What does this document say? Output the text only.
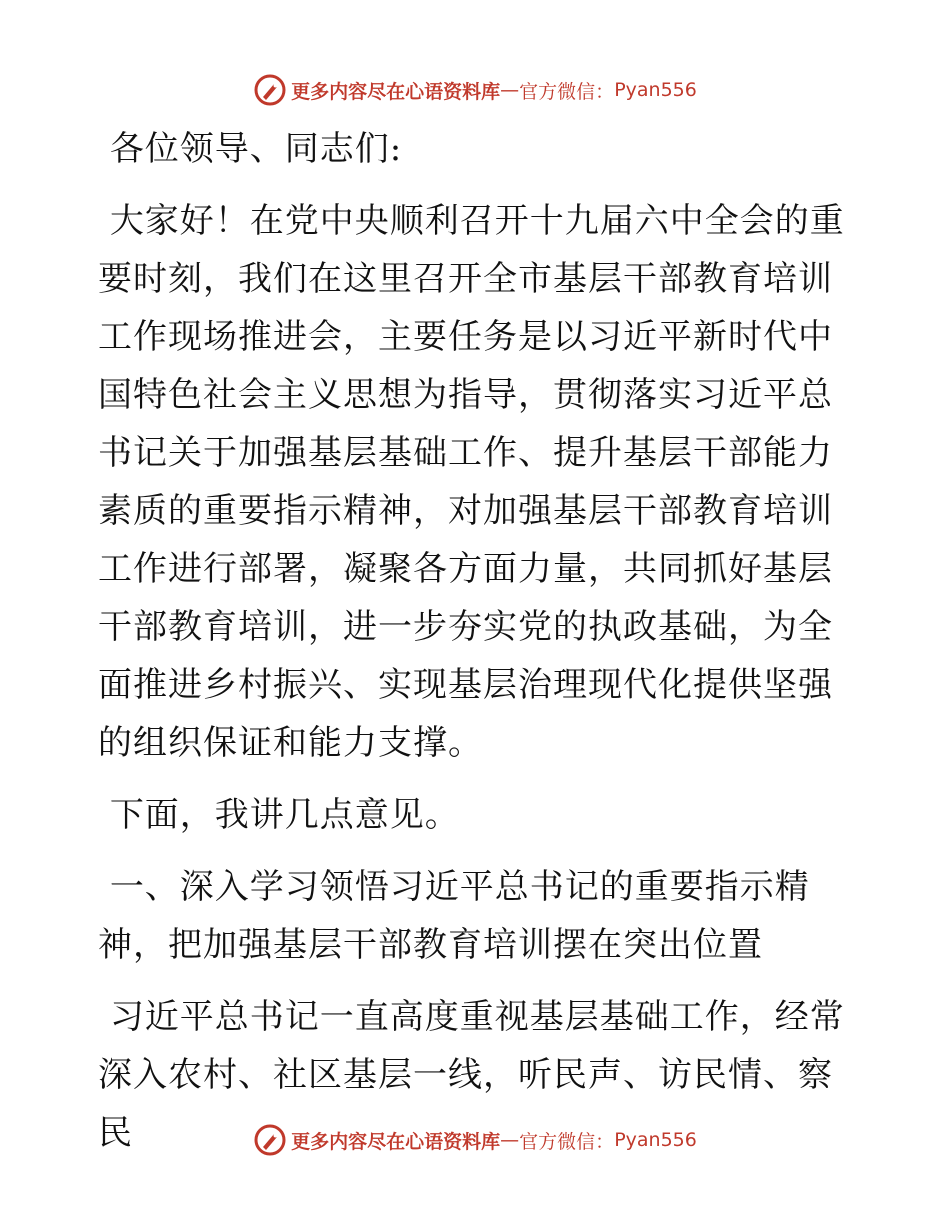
更多内容尽在心语资料库 — 官方微信： Pyan556

各位领导、同志们:

大家好！在党中央顺利召开十九届六中全会的重要时刻，我们在这里召开全市基层干部教育培训工作现场推进会，主要任务是以习近平新时代中国特色社会主义思想为指导，贯彻落实习近平总书记关于加强基层基础工作、提升基层干部能力素质的重要指示精神，对加强基层干部教育培训工作进行部署，凝聚各方面力量，共同抓好基层干部教育培训，进一步夯实党的执政基础，为全面推进乡村振兴、实现基层治理现代化提供坚强的组织保证和能力支撑。

下面，我讲几点意见。

一、深入学习领悟习近平总书记的重要指示精神，把加强基层干部教育培训摆在突出位置

习近平总书记一直高度重视基层基础工作，经常深入农村、社区基层一线，听民声、访民情、察民	更多内容尽在心语资料库 — 官方微信： Pyan556
